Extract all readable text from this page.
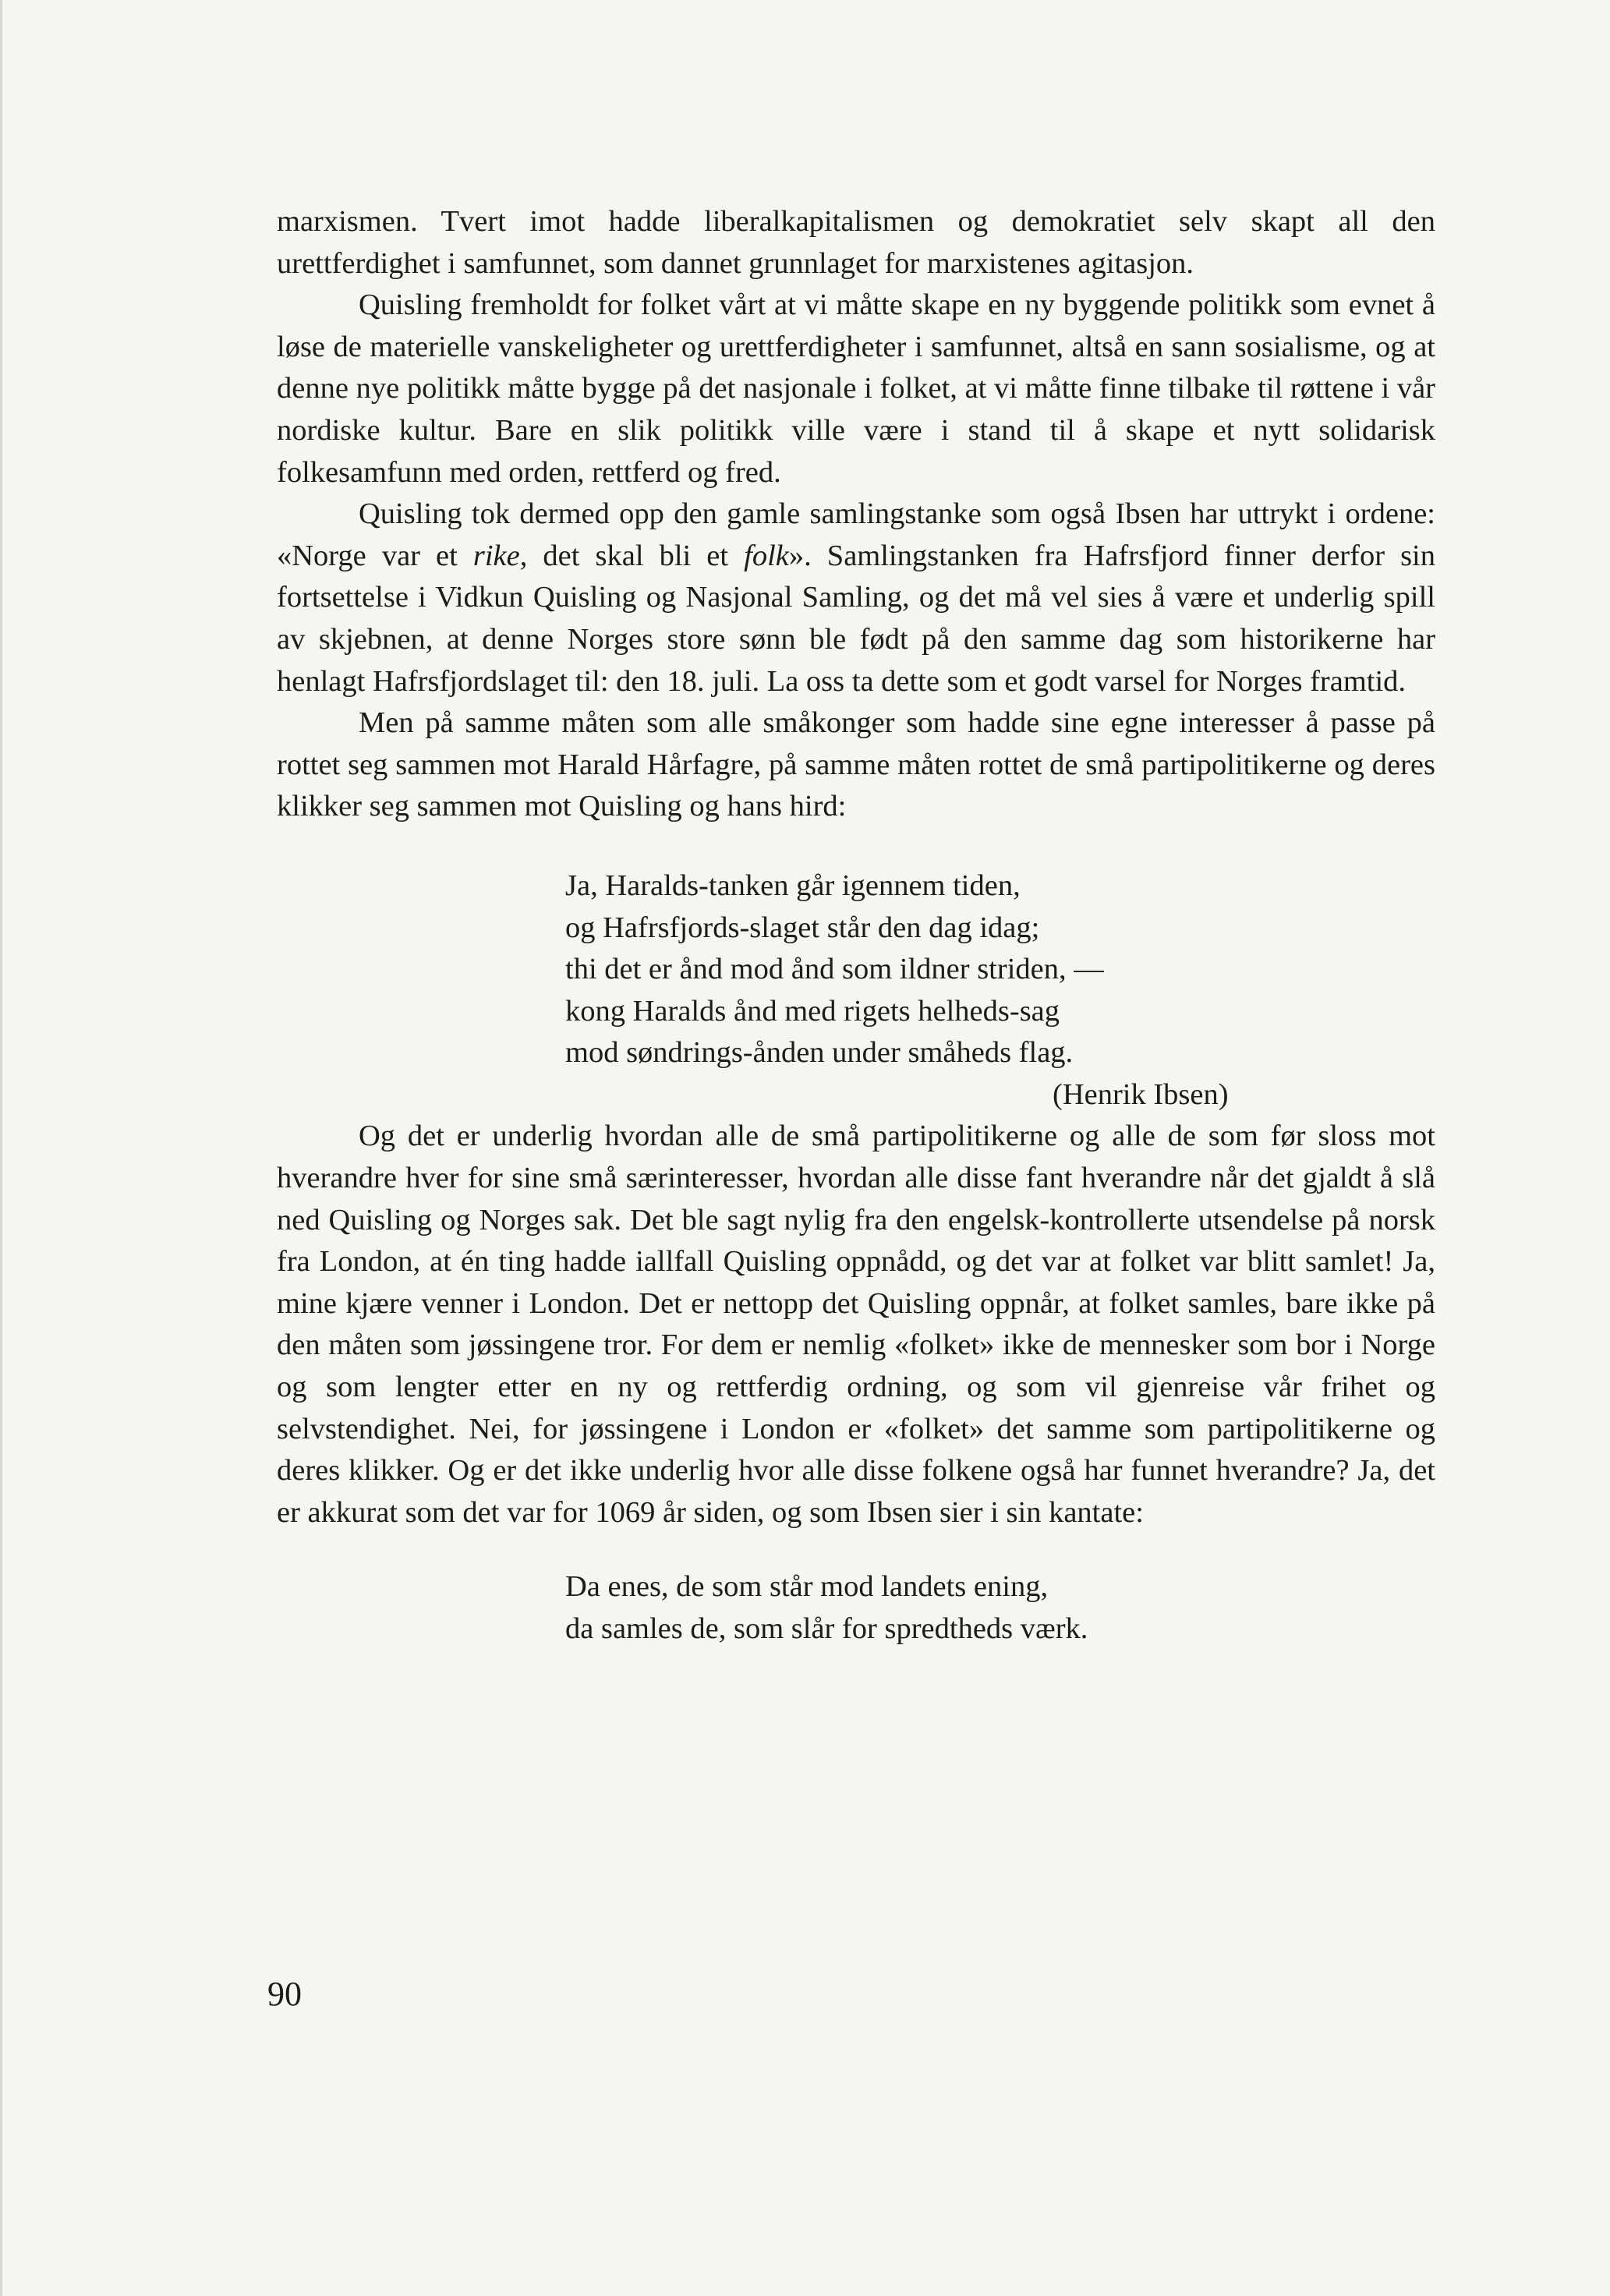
marxismen. Tvert imot hadde liberalkapitalismen og demokratiet selv skapt all den urettferdighet i samfunnet, som dannet grunnlaget for marxistenes agitasjon.

Quisling fremholdt for folket vårt at vi måtte skape en ny byggende politikk som evnet å løse de materielle vanskeligheter og urettferdigheter i samfunnet, altså en sann sosialisme, og at denne nye politikk måtte bygge på det nasjonale i folket, at vi måtte finne tilbake til røttene i vår nordiske kultur. Bare en slik politikk ville være i stand til å skape et nytt solidarisk folkesamfunn med orden, rettferd og fred.

Quisling tok dermed opp den gamle samlingstanke som også Ibsen har uttrykt i ordene: «Norge var et rike, det skal bli et folk». Samlingstanken fra Hafrsfjord finner derfor sin fortsettelse i Vidkun Quisling og Nasjonal Samling, og det må vel sies å være et underlig spill av skjebnen, at denne Norges store sønn ble født på den samme dag som historikerne har henlagt Hafrsfjordslaget til: den 18. juli. La oss ta dette som et godt varsel for Norges framtid.

Men på samme måten som alle småkonger som hadde sine egne interesser å passe på rottet seg sammen mot Harald Hårfagre, på samme måten rottet de små partipolitikerne og deres klikker seg sammen mot Quisling og hans hird:

Ja, Haralds-tanken går igennem tiden,
og Hafrsfjords-slaget står den dag idag;
thi det er ånd mod ånd som ildner striden, —
kong Haralds ånd med rigets helheds-sag
mod søndrings-ånden under småheds flag.

(Henrik Ibsen)

Og det er underlig hvordan alle de små partipolitikerne og alle de som før sloss mot hverandre hver for sine små særinteresser, hvordan alle disse fant hverandre når det gjaldt å slå ned Quisling og Norges sak. Det ble sagt nylig fra den engelsk-kontrollerte utsendelse på norsk fra London, at én ting hadde iallfall Quisling oppnådd, og det var at folket var blitt samlet! Ja, mine kjære venner i London. Det er nettopp det Quisling oppnår, at folket samles, bare ikke på den måten som jøssingene tror. For dem er nemlig «folket» ikke de mennesker som bor i Norge og som lengter etter en ny og rettferdig ordning, og som vil gjenreise vår frihet og selvstendighet. Nei, for jøssingene i London er «folket» det samme som partipolitikerne og deres klikker. Og er det ikke underlig hvor alle disse folkene også har funnet hverandre? Ja, det er akkurat som det var for 1069 år siden, og som Ibsen sier i sin kantate:

Da enes, de som står mod landets ening,
da samles de, som slår for spredtheds værk.
90
